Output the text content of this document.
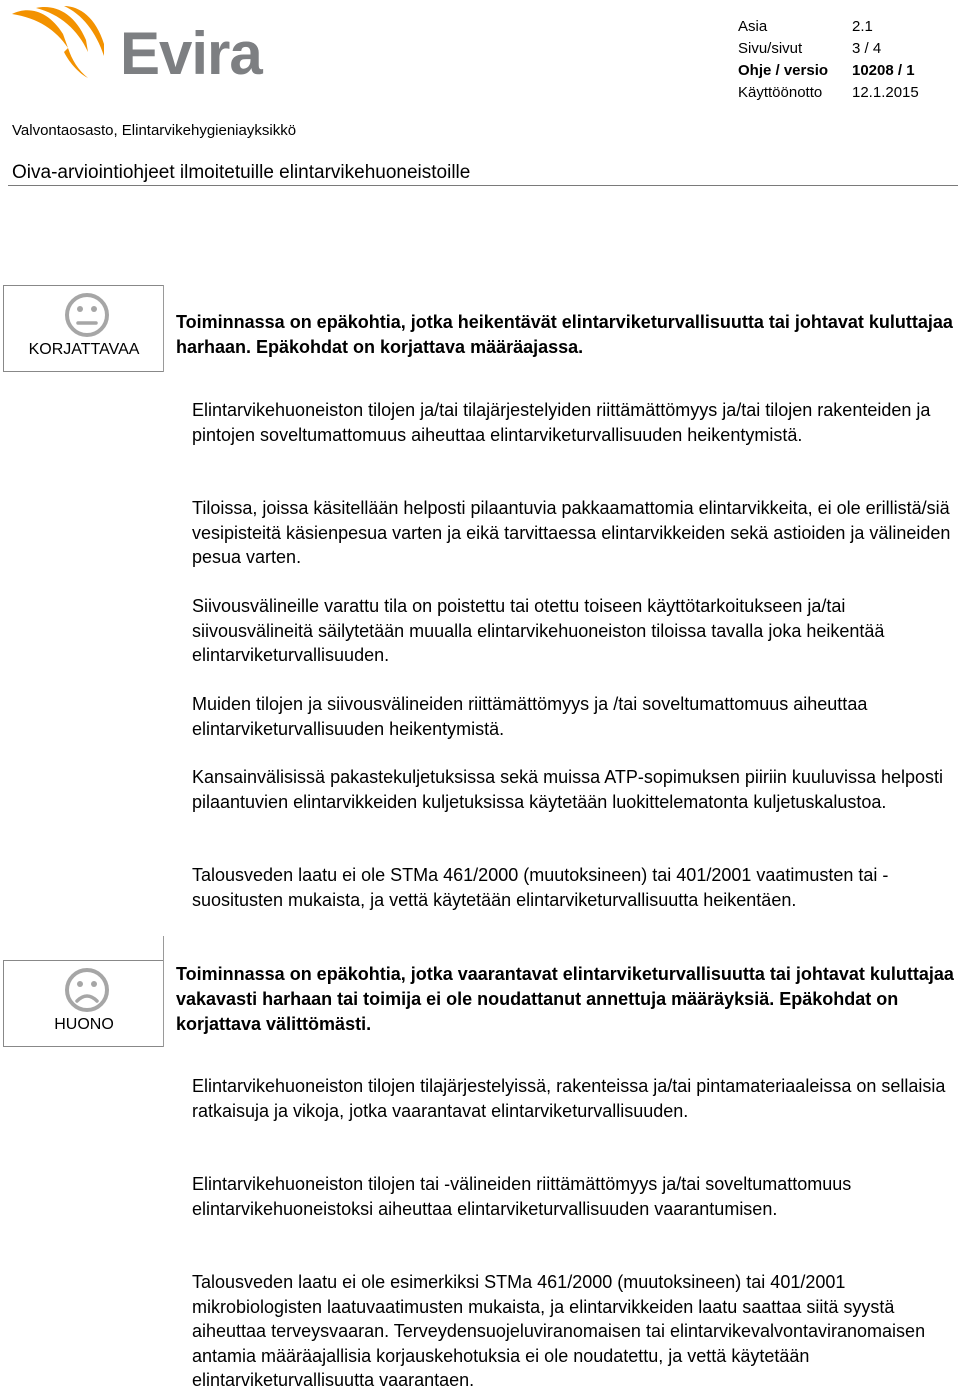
Evira	Asia	2.1
Sivu/sivut	3 / 4
Ohje / versio	10208 / 1
Käyttöönotto	12.1.2015
Valvontaosasto, Elintarvikehygieniayksikkö
Oiva-arviointiohjeet ilmoitetuille elintarvikehuoneistoille
KORJATTAVAA
Toiminnassa on epäkohtia, jotka heikentävät elintarviketurvallisuutta tai johtavat kuluttajaa harhaan. Epäkohdat on korjattava määräajassa.
Elintarvikehuoneiston tilojen ja/tai tilajärjestelyiden riittämättömyys ja/tai tilojen rakenteiden ja pintojen soveltumattomuus aiheuttaa elintarviketurvallisuuden heikentymistä.
Tiloissa, joissa käsitellään helposti pilaantuvia pakkaamattomia elintarvikkeita, ei ole erillistä/siä vesipisteitä käsienpesua varten ja eikä tarvittaessa elintarvikkeiden sekä astioiden ja välineiden pesua varten.
Siivousvälineille varattu tila on poistettu tai otettu toiseen käyttötarkoitukseen ja/tai siivousvälineitä säilytetään muualla elintarvikehuoneiston tiloissa tavalla joka heikentää elintarviketurvallisuuden.
Muiden tilojen ja siivousvälineiden riittämättömyys ja /tai soveltumattomuus aiheuttaa elintarviketurvallisuuden heikentymistä.
Kansainvälisissä pakastekuljetuksissa sekä muissa ATP-sopimuksen piiriin kuuluvissa helposti pilaantuvien elintarvikkeiden kuljetuksissa käytetään luokittelematonta kuljetuskalustoa.
Talousveden laatu ei ole STMa 461/2000 (muutoksineen) tai 401/2001 vaatimusten tai -suositusten mukaista, ja vettä käytetään elintarviketurvallisuutta heikentäen.
HUONO
Toiminnassa on epäkohtia, jotka vaarantavat elintarviketurvallisuutta tai johtavat kuluttajaa vakavasti harhaan tai toimija ei ole noudattanut annettuja määräyksiä. Epäkohdat on korjattava välittömästi.
Elintarvikehuoneiston tilojen tilajärjestelyissä, rakenteissa ja/tai pintamateriaaleissa on sellaisia ratkaisuja ja vikoja, jotka vaarantavat elintarviketurvallisuuden.
Elintarvikehuoneiston tilojen tai -välineiden riittämättömyys ja/tai soveltumattomuus elintarvikehuoneistoksi aiheuttaa elintarviketurvallisuuden vaarantumisen.
Talousveden laatu ei ole esimerkiksi STMa 461/2000 (muutoksineen) tai 401/2001 mikrobiologisten laatuvaatimusten mukaista, ja elintarvikkeiden laatu saattaa siitä syystä aiheuttaa terveysvaaran. Terveydensuojeluviranomaisen tai elintarvikevalvontaviranomaisen antamia määräajallisia korjauskehotuksia ei ole noudatettu, ja vettä käytetään elintarviketurvallisuutta vaarantaen.
